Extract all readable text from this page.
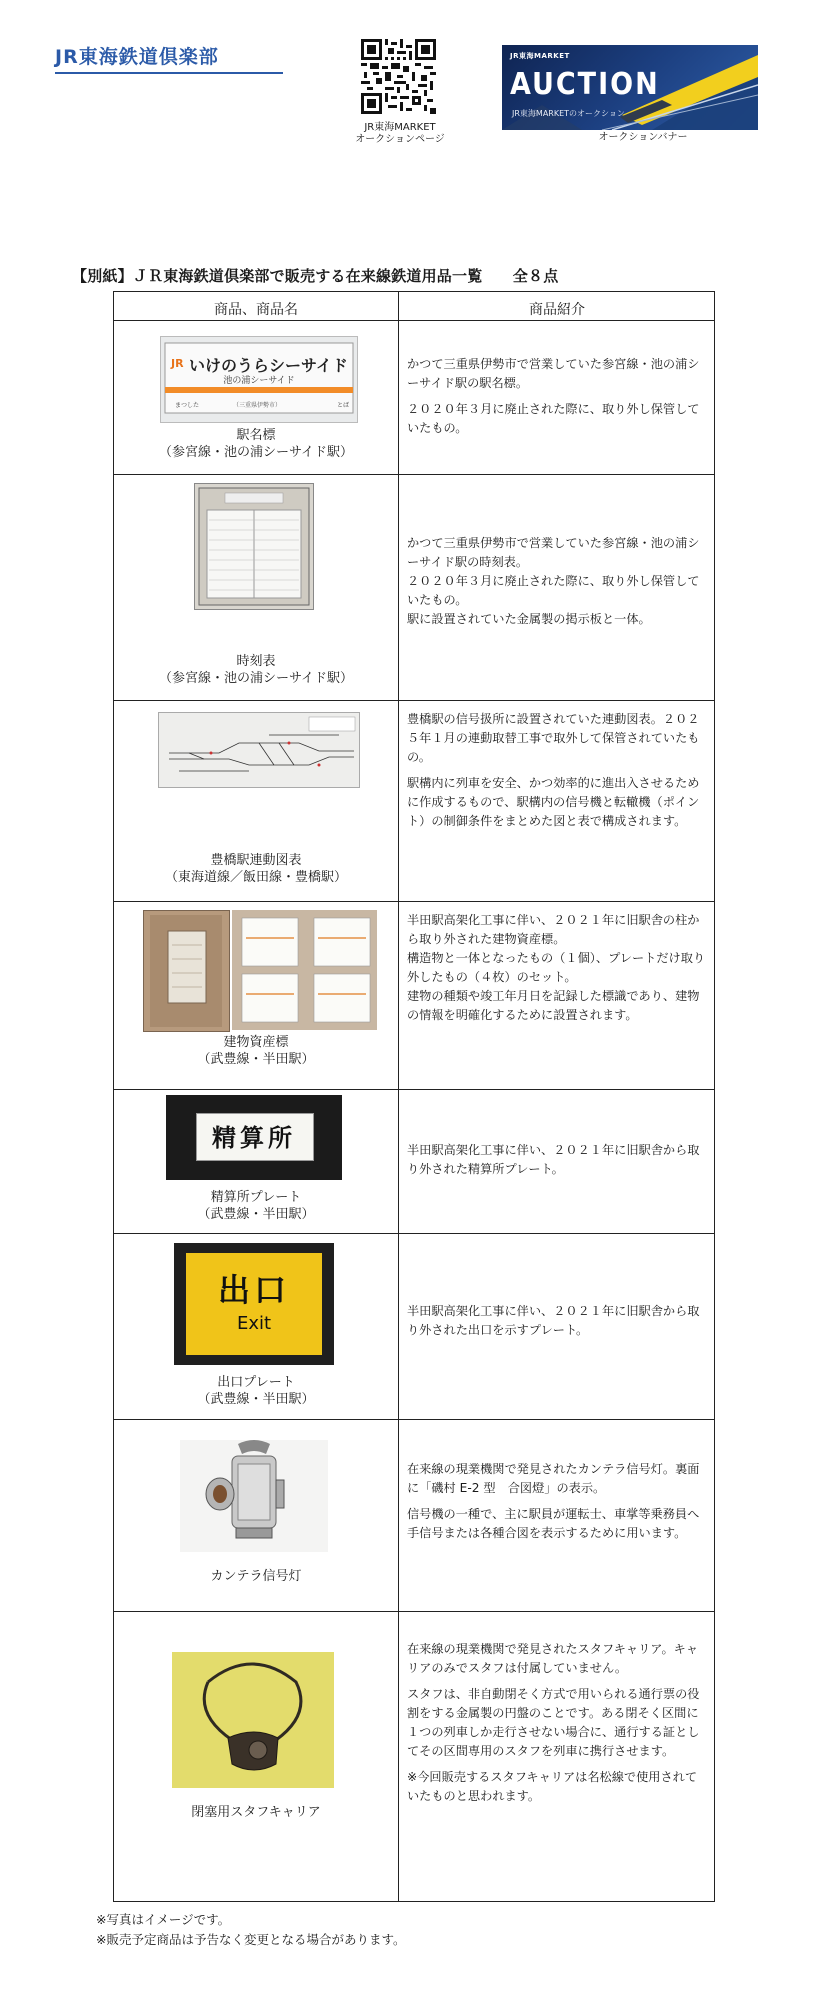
JR東海鉄道倶楽部
JR東海MARKET
オークションページ
JR東海MARKET
AUCTION
JR東海MARKETのオークション
オークションバナー
【別紙】ＪＲ東海鉄道倶楽部で販売する在来線鉄道用品一覧　　全８点
商品、商品名	商品紹介
JR
（三重県伊勢市）
まつした	とば
いけのうらシーサイド
池の浦シーサイド
駅名標
（参宮線・池の浦シーサイド駅）

かつて三重県伊勢市で営業していた参宮線・池の浦シーサイド駅の駅名標。

２０２０年３月に廃止された際に、取り外し保管していたもの。

時刻表
（参宮線・池の浦シーサイド駅）

かつて三重県伊勢市で営業していた参宮線・池の浦シーサイド駅の時刻表。

２０２０年３月に廃止された際に、取り外し保管していたもの。

駅に設置されていた金属製の掲示板と一体。

豊橋駅連動図表
（東海道線／飯田線・豊橋駅）

豊橋駅の信号扱所に設置されていた連動図表。２０２５年１月の連動取替工事で取外して保管されていたもの。

駅構内に列車を安全、かつ効率的に進出入させるために作成するもので、駅構内の信号機と転轍機（ポイント）の制御条件をまとめた図と表で構成されます。

建物資産標
（武豊線・半田駅）

半田駅高架化工事に伴い、２０２１年に旧駅舎の柱から取り外された建物資産標。

構造物と一体となったもの（１個）、プレートだけ取り外したもの（４枚）のセット。

建物の種類や竣工年月日を記録した標識であり、建物の情報を明確化するために設置されます。

精算所
精算所プレート
（武豊線・半田駅）

半田駅高架化工事に伴い、２０２１年に旧駅舎から取り外された精算所プレート。

出口
Exit
出口プレート
（武豊線・半田駅）

半田駅高架化工事に伴い、２０２１年に旧駅舎から取り外された出口を示すプレート。

カンテラ信号灯

在来線の現業機関で発見されたカンテラ信号灯。裏面に「磯村 E-2 型　合図燈」の表示。

信号機の一種で、主に駅員が運転士、車掌等乗務員へ手信号または各種合図を表示するために用います。

閉塞用スタフキャリア

在来線の現業機関で発見されたスタフキャリア。キャリアのみでスタフは付属していません。

スタフは、非自動閉そく方式で用いられる通行票の役割をする金属製の円盤のことです。ある閉そく区間に１つの列車しか走行させない場合に、通行する証としてその区間専用のスタフを列車に携行させます。

※今回販売するスタフキャリアは名松線で使用されていたものと思われます。

※写真はイメージです。
※販売予定商品は予告なく変更となる場合があります。
